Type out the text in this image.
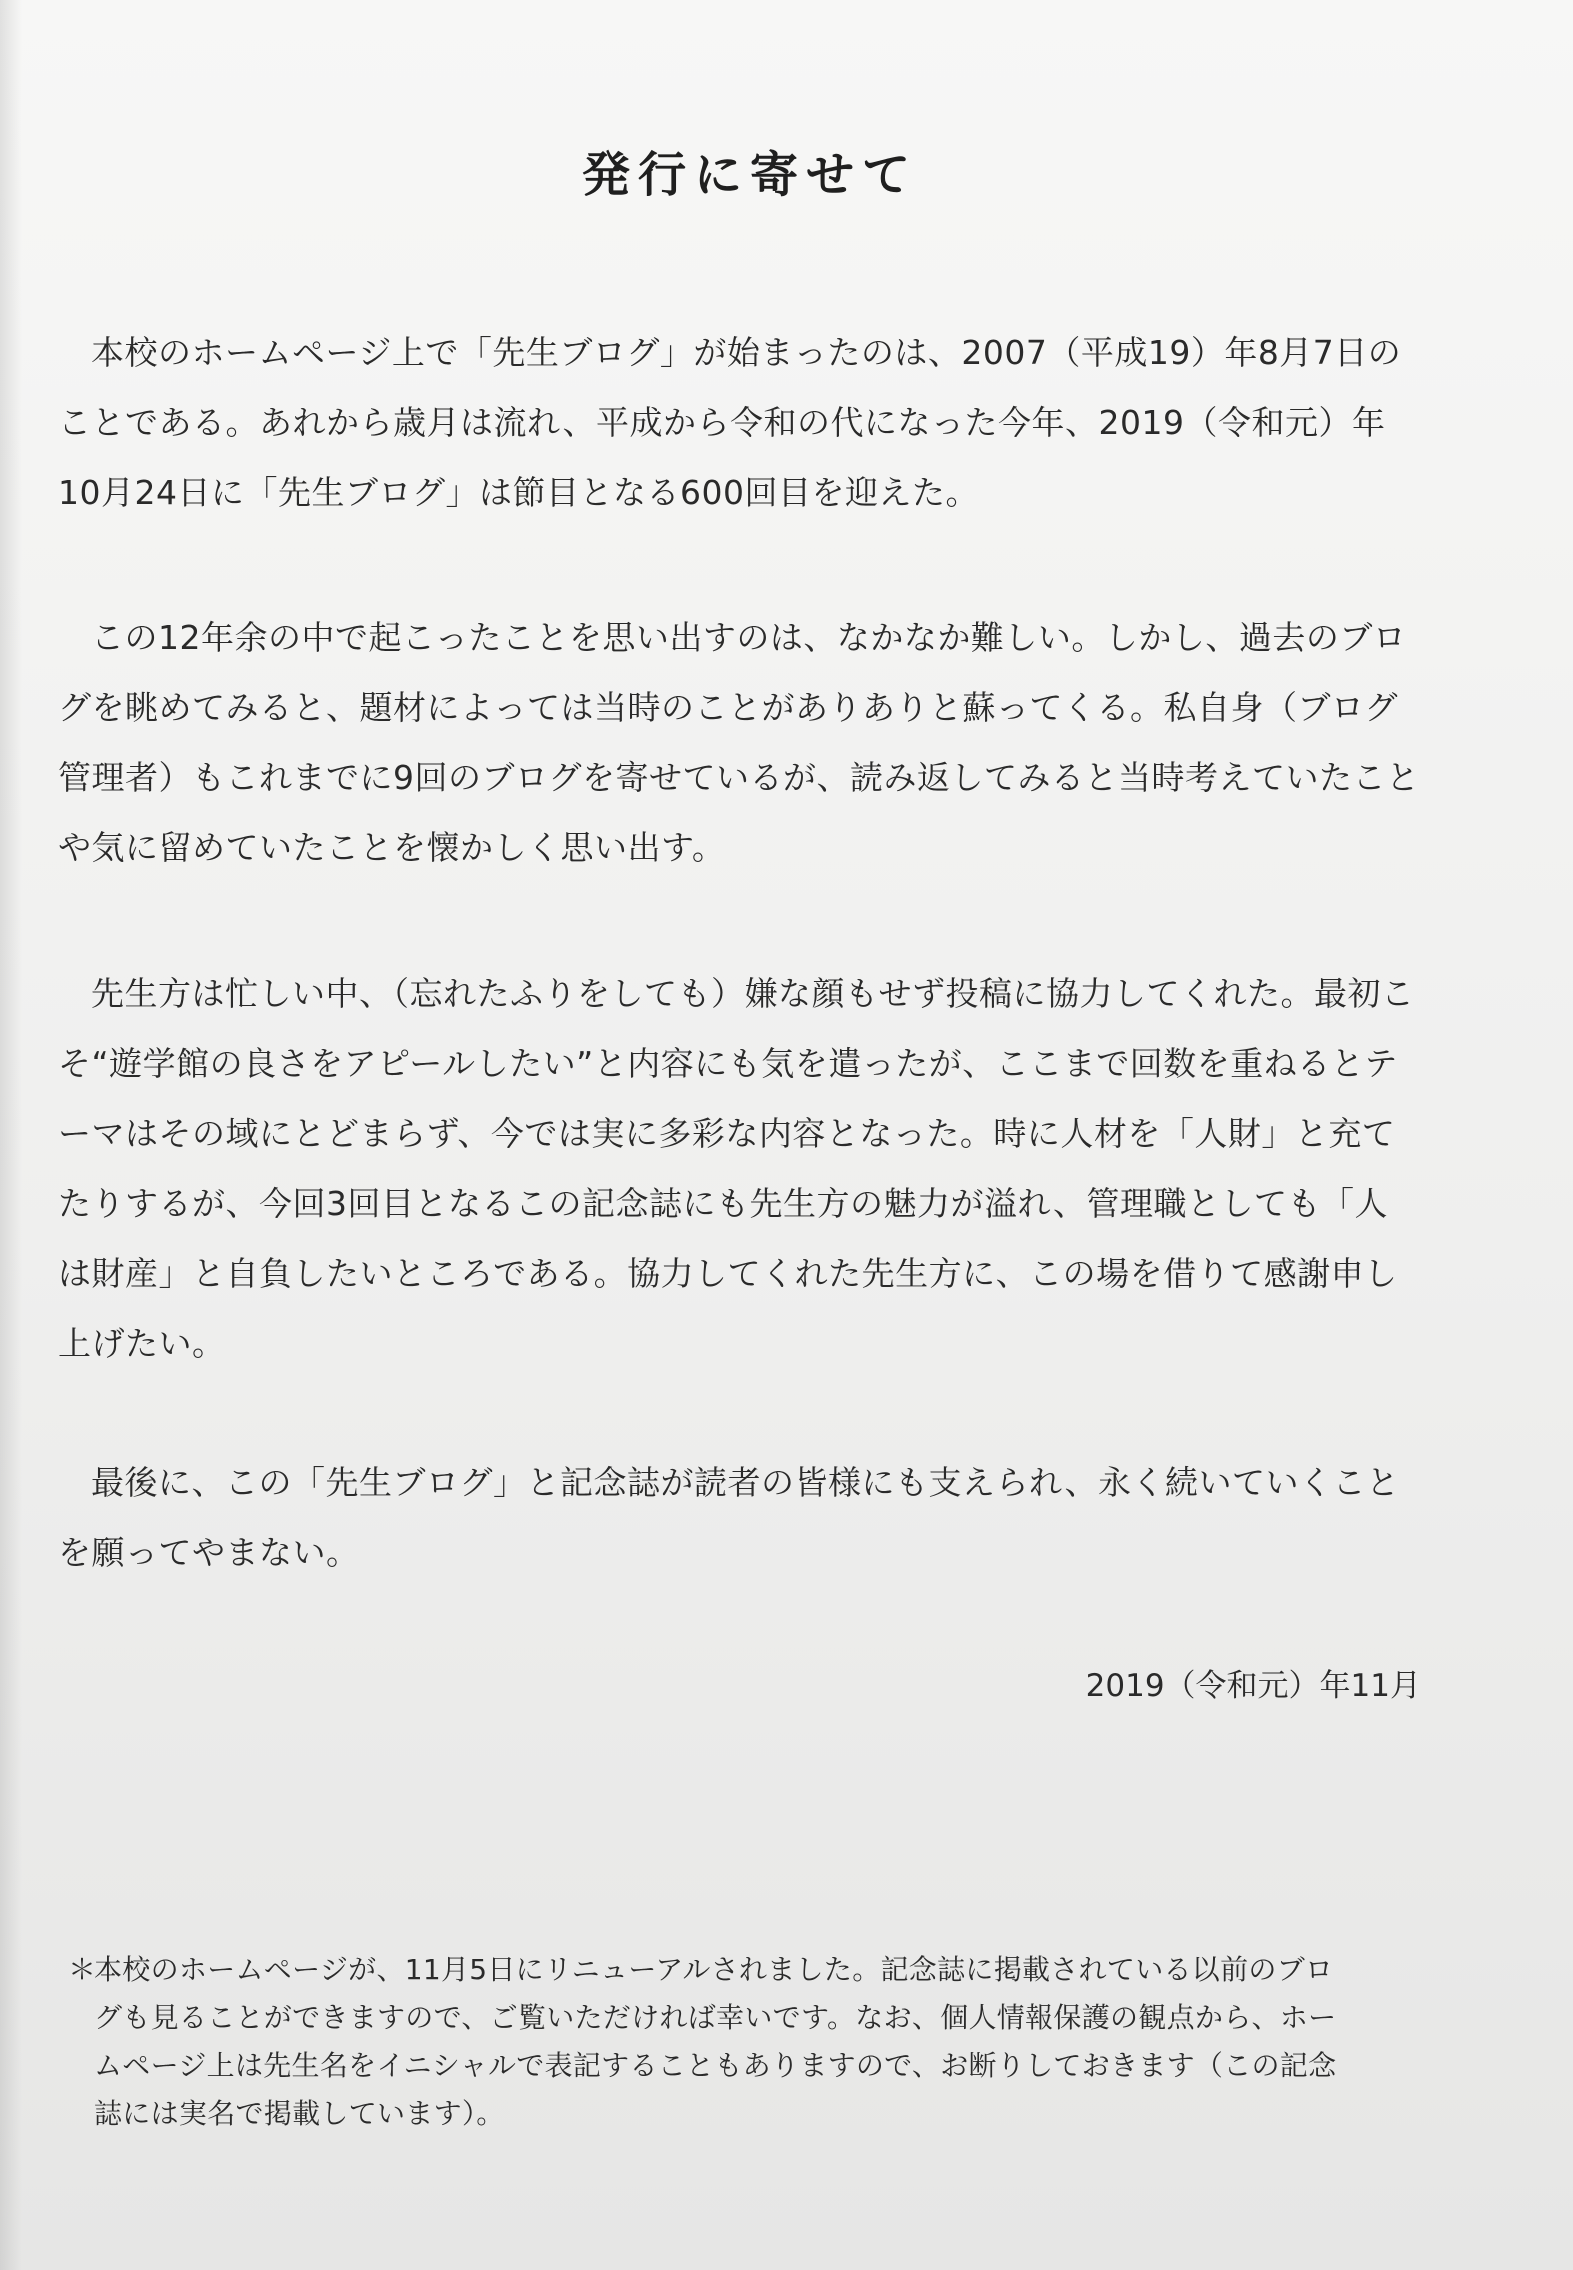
発行に寄せて

本校のホームページ上で「先生ブログ」が始まったのは、2007（平成19）年8月7日のことである。あれから歳月は流れ、平成から令和の代になった今年、2019（令和元）年10月24日に「先生ブログ」は節目となる600回目を迎えた。

この12年余の中で起こったことを思い出すのは、なかなか難しい。しかし、過去のブログを眺めてみると、題材によっては当時のことがありありと蘇ってくる。私自身（ブログ管理者）もこれまでに9回のブログを寄せているが、読み返してみると当時考えていたことや気に留めていたことを懐かしく思い出す。

先生方は忙しい中、（忘れたふりをしても）嫌な顔もせず投稿に協力してくれた。最初こそ“遊学館の良さをアピールしたい”と内容にも気を遣ったが、ここまで回数を重ねるとテーマはその域にとどまらず、今では実に多彩な内容となった。時に人材を「人財」と充てたりするが、今回3回目となるこの記念誌にも先生方の魅力が溢れ、管理職としても「人は財産」と自負したいところである。協力してくれた先生方に、この場を借りて感謝申し上げたい。

最後に、この「先生ブログ」と記念誌が読者の皆様にも支えられ、永く続いていくことを願ってやまない。

2019（令和元）年11月
＊
本校のホームページが、11月5日にリニューアルされました。記念誌に掲載されている以前のブログも見ることができますので、ご覧いただければ幸いです。なお、個人情報保護の観点から、ホームページ上は先生名をイニシャルで表記することもありますので、お断りしておきます（この記念誌には実名で掲載しています）。
